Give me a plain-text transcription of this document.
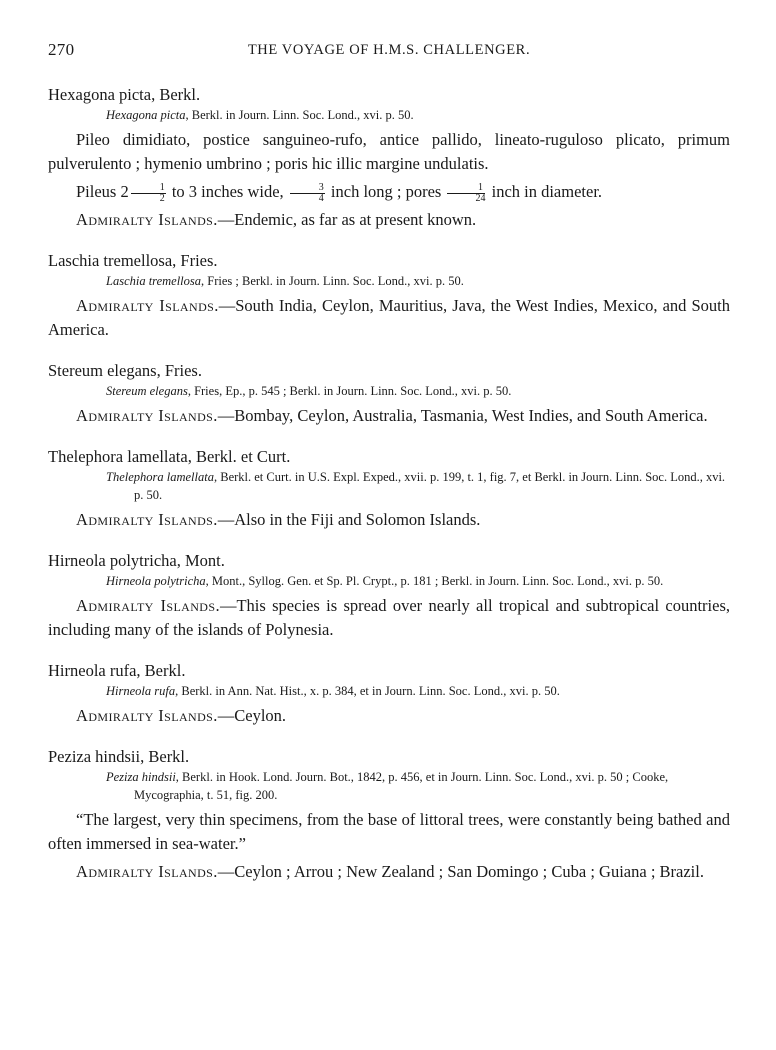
270	THE VOYAGE OF H.M.S. CHALLENGER.
Hexagona picta, Berkl.
Hexagona picta, Berkl. in Journ. Linn. Soc. Lond., xvi. p. 50.
Pileo dimidiato, postice sanguineo-rufo, antice pallido, lineato-ruguloso plicato, primum pulverulento ; hymenio umbrino ; poris hic illic margine undulatis.
Pileus $2 \frac{1}{2}$ to 3 inches wide, $\frac{3}{4}$ inch long ; pores $\frac{1}{24}$ inch in diameter.
Admiralty Islands.—Endemic, as far as at present known.
Laschia tremellosa, Fries.
Laschia tremellosa, Fries ; Berkl. in Journ. Linn. Soc. Lond., xvi. p. 50.
Admiralty Islands.—South India, Ceylon, Mauritius, Java, the West Indies, Mexico, and South America.
Stereum elegans, Fries.
Stereum elegans, Fries, Ep., p. 545 ; Berkl. in Journ. Linn. Soc. Lond., xvi. p. 50.
Admiralty Islands.—Bombay, Ceylon, Australia, Tasmania, West Indies, and South America.
Thelephora lamellata, Berkl. et Curt.
Thelephora lamellata, Berkl. et Curt. in U.S. Expl. Exped., xvii. p. 199, t. 1, fig. 7, et Berkl. in Journ. Linn. Soc. Lond., xvi. p. 50.
Admiralty Islands.—Also in the Fiji and Solomon Islands.
Hirneola polytricha, Mont.
Hirneola polytricha, Mont., Syllog. Gen. et Sp. Pl. Crypt., p. 181 ; Berkl. in Journ. Linn. Soc. Lond., xvi. p. 50.
Admiralty Islands.—This species is spread over nearly all tropical and subtropical countries, including many of the islands of Polynesia.
Hirneola rufa, Berkl.
Hirneola rufa, Berkl. in Ann. Nat. Hist., x. p. 384, et in Journ. Linn. Soc. Lond., xvi. p. 50.
Admiralty Islands.—Ceylon.
Peziza hindsii, Berkl.
Peziza hindsii, Berkl. in Hook. Lond. Journ. Bot., 1842, p. 456, et in Journ. Linn. Soc. Lond., xvi. p. 50 ; Cooke, Mycographia, t. 51, fig. 200.
“The largest, very thin specimens, from the base of littoral trees, were constantly being bathed and often immersed in sea-water.”
Admiralty Islands.—Ceylon ; Arrou ; New Zealand ; San Domingo ; Cuba ; Guiana ; Brazil.
